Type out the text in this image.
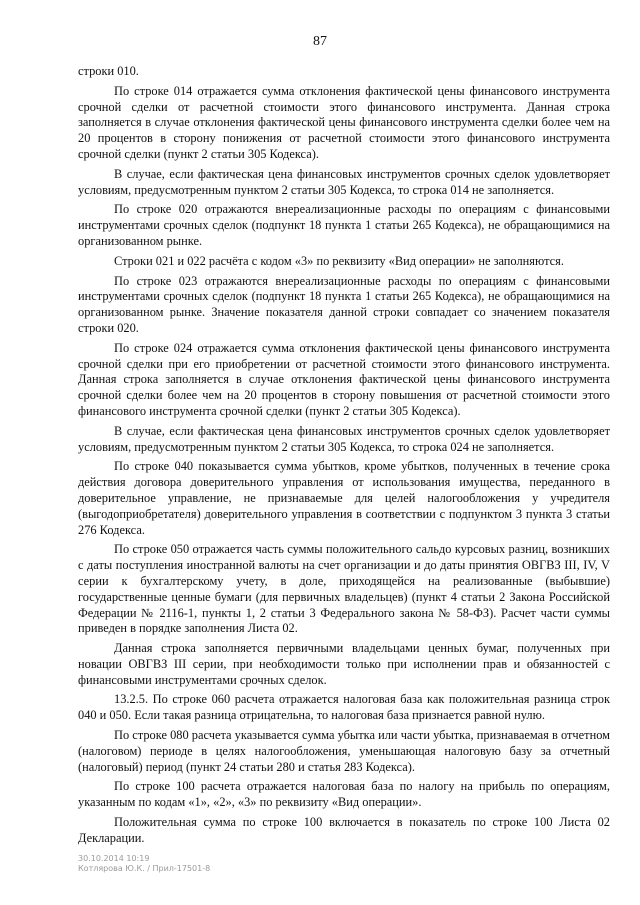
87

строки 010.

По строке 014 отражается сумма отклонения фактической цены финансового инструмента срочной сделки от расчетной стоимости этого финансового инструмента. Данная строка заполняется в случае отклонения фактической цены финансового инструмента сделки более чем на 20 процентов в сторону понижения от расчетной стоимости этого финансового инструмента срочной сделки (пункт 2 статьи 305 Кодекса).

В случае, если фактическая цена финансовых инструментов срочных сделок удовлетворяет условиям, предусмотренным пунктом 2 статьи 305 Кодекса, то строка 014 не заполняется.

По строке 020 отражаются внереализационные расходы по операциям с финансовыми инструментами срочных сделок (подпункт 18 пункта 1 статьи 265 Кодекса), не обращающимися на организованном рынке.

Строки 021 и 022 расчёта с кодом «3» по реквизиту «Вид операции» не заполняются.

По строке 023 отражаются внереализационные расходы по операциям с финансовыми инструментами срочных сделок (подпункт 18 пункта 1 статьи 265 Кодекса), не обращающимися на организованном рынке. Значение показателя данной строки совпадает со значением показателя строки 020.

По строке 024 отражается сумма отклонения фактической цены финансового инструмента срочной сделки при его приобретении от расчетной стоимости этого финансового инструмента. Данная строка заполняется в случае отклонения фактической цены финансового инструмента срочной сделки более чем на 20 процентов в сторону повышения от расчетной стоимости этого финансового инструмента срочной сделки (пункт 2 статьи 305 Кодекса).

В случае, если фактическая цена финансовых инструментов срочных сделок удовлетворяет условиям, предусмотренным пунктом 2 статьи 305 Кодекса, то строка 024 не заполняется.

По строке 040 показывается сумма убытков, кроме убытков, полученных в течение срока действия договора доверительного управления от использования имущества, переданного в доверительное управление, не признаваемые для целей налогообложения у учредителя (выгодоприобретателя) доверительного управления в соответствии с подпунктом 3 пункта 3 статьи 276 Кодекса.

По строке 050 отражается часть суммы положительного сальдо курсовых разниц, возникших с даты поступления иностранной валюты на счет организации и до даты принятия ОВГВЗ III, IV, V серии к бухгалтерскому учету, в доле, приходящейся на реализованные (выбывшие) государственные ценные бумаги (для первичных владельцев) (пункт 4 статьи 2 Закона Российской Федерации № 2116-1, пункты 1, 2 статьи 3 Федерального закона № 58-ФЗ). Расчет части суммы приведен в порядке заполнения Листа 02.

Данная строка заполняется первичными владельцами ценных бумаг, полученных при новации ОВГВЗ III серии, при необходимости только при исполнении прав и обязанностей с финансовыми инструментами срочных сделок.

13.2.5. По строке 060 расчета отражается налоговая база как положительная разница строк 040 и 050. Если такая разница отрицательна, то налоговая база признается равной нулю.

По строке 080 расчета указывается сумма убытка или части убытка, признаваемая в отчетном (налоговом) периоде в целях налогообложения, уменьшающая налоговую базу за отчетный (налоговый) период (пункт 24 статьи 280 и статья 283 Кодекса).

По строке 100 расчета отражается налоговая база по налогу на прибыль по операциям, указанным по кодам «1», «2», «3» по реквизиту «Вид операции».

Положительная сумма по строке 100 включается в показатель по строке 100 Листа 02 Декларации.

30.10.2014 10:19
Котлярова Ю.К. / Прил-17501-8
